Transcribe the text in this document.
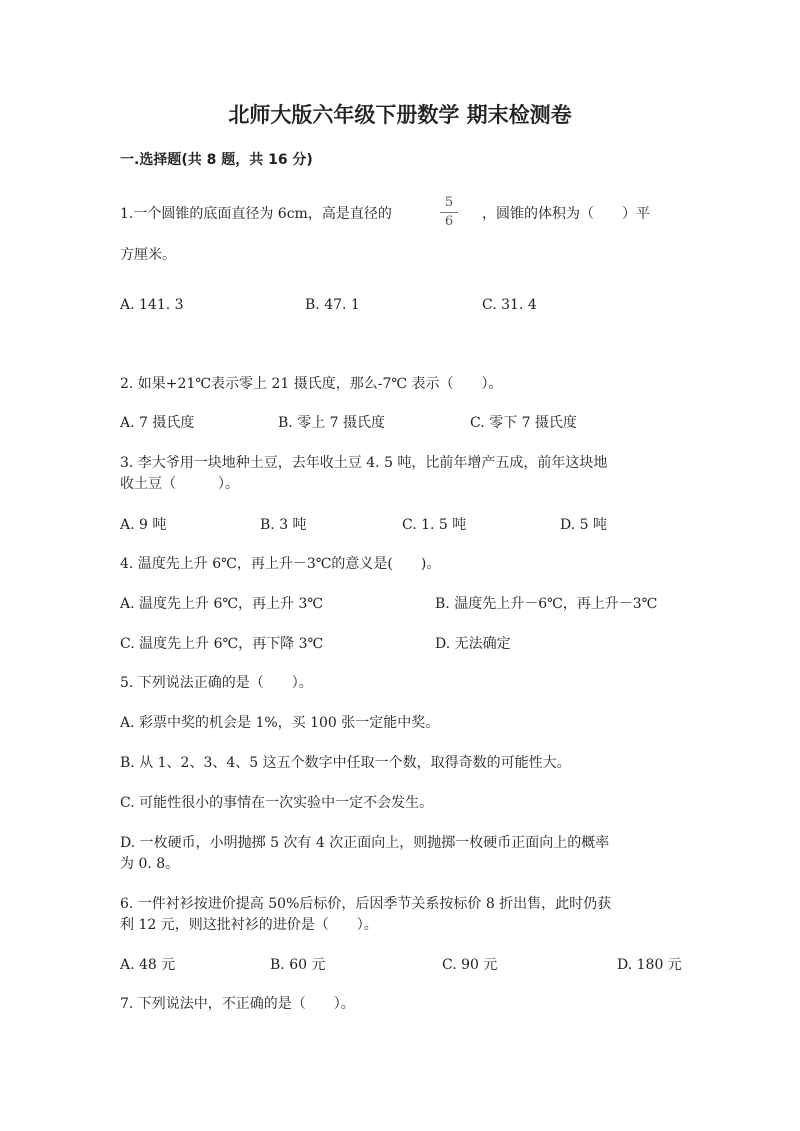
北师大版六年级下册数学 期末检测卷
一.选择题(共 8 题，共 16 分)
1.一个圆锥的底面直径为 6cm，高是直径的
5
6	，圆锥的体积为（　　）平
方厘米。
A. 141. 3	B. 47. 1	C. 31. 4
2. 如果+21℃表示零上 21 摄氏度，那么-7℃ 表示（　　）。
A. 7 摄氏度	B. 零上 7 摄氏度	C. 零下 7 摄氏度
3. 李大爷用一块地种土豆，去年收土豆 4. 5 吨，比前年增产五成，前年这块地
收土豆（　　　）。
A. 9 吨	B. 3 吨	C. 1. 5 吨	D. 5 吨
4. 温度先上升 6℃，再上升－3℃的意义是(　　)。
A. 温度先上升 6℃，再上升 3℃	B. 温度先上升－6℃，再上升－3℃
C. 温度先上升 6℃，再下降 3℃	D. 无法确定
5. 下列说法正确的是（　　）。
A. 彩票中奖的机会是 1%，买 100 张一定能中奖。
B. 从 1、2、3、4、5 这五个数字中任取一个数，取得奇数的可能性大。
C. 可能性很小的事情在一次实验中一定不会发生。
D. 一枚硬币，小明抛掷 5 次有 4 次正面向上，则抛掷一枚硬币正面向上的概率
为 0. 8。
6. 一件衬衫按进价提高 50%后标价，后因季节关系按标价 8 折出售，此时仍获
利 12 元，则这批衬衫的进价是（　　）。
A. 48 元	B. 60 元	C. 90 元	D. 180 元
7. 下列说法中，不正确的是（　　）。
